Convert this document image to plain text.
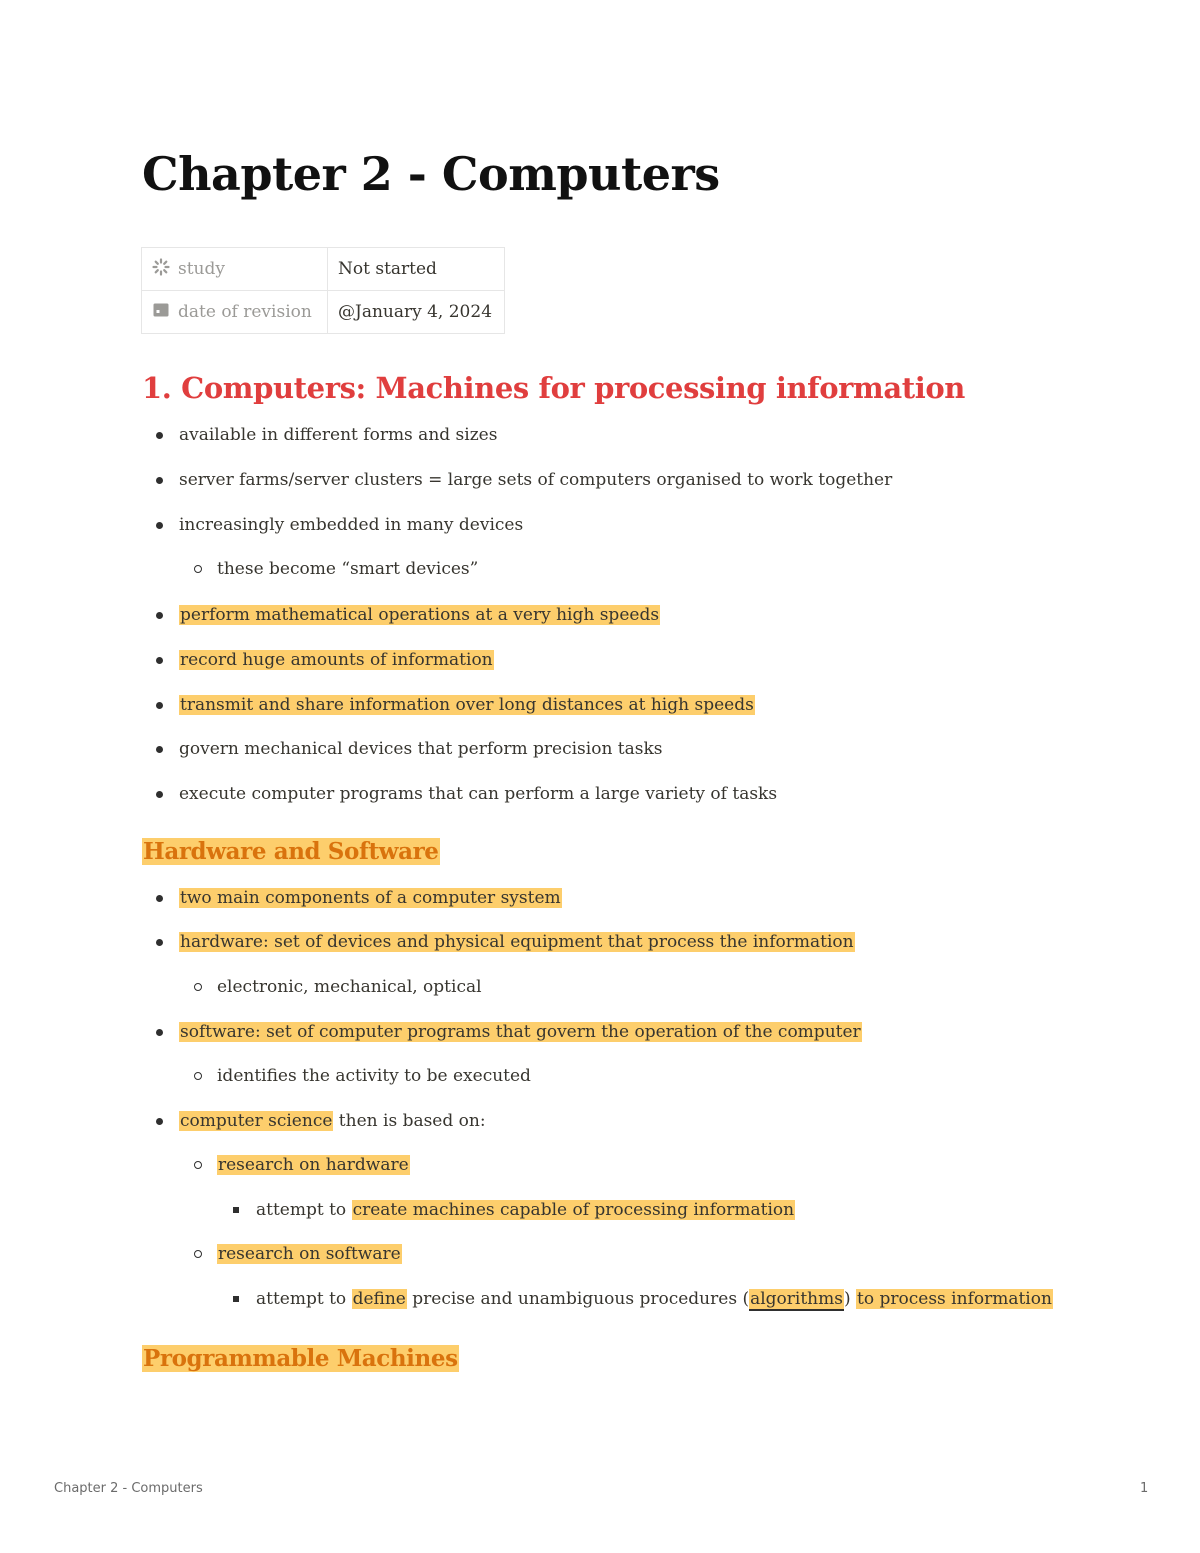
Chapter 2 - Computers
study	Not started
date of revision	@January 4, 2024
1. Computers: Machines for processing information
available in different forms and sizes
server farms/server clusters = large sets of computers organised to work together
increasingly embedded in many devices
these become “smart devices”
perform mathematical operations at a very high speeds
record huge amounts of information
transmit and share information over long distances at high speeds
govern mechanical devices that perform precision tasks
execute computer programs that can perform a large variety of tasks
Hardware and Software
two main components of a computer system
hardware: set of devices and physical equipment that process the information
electronic, mechanical, optical
software: set of computer programs that govern the operation of the computer
identifies the activity to be executed
computer science then is based on:
research on hardware
attempt to create machines capable of processing information
research on software
attempt to define precise and unambiguous procedures (algorithms) to process information
Programmable Machines
Chapter 2 - Computers	1
